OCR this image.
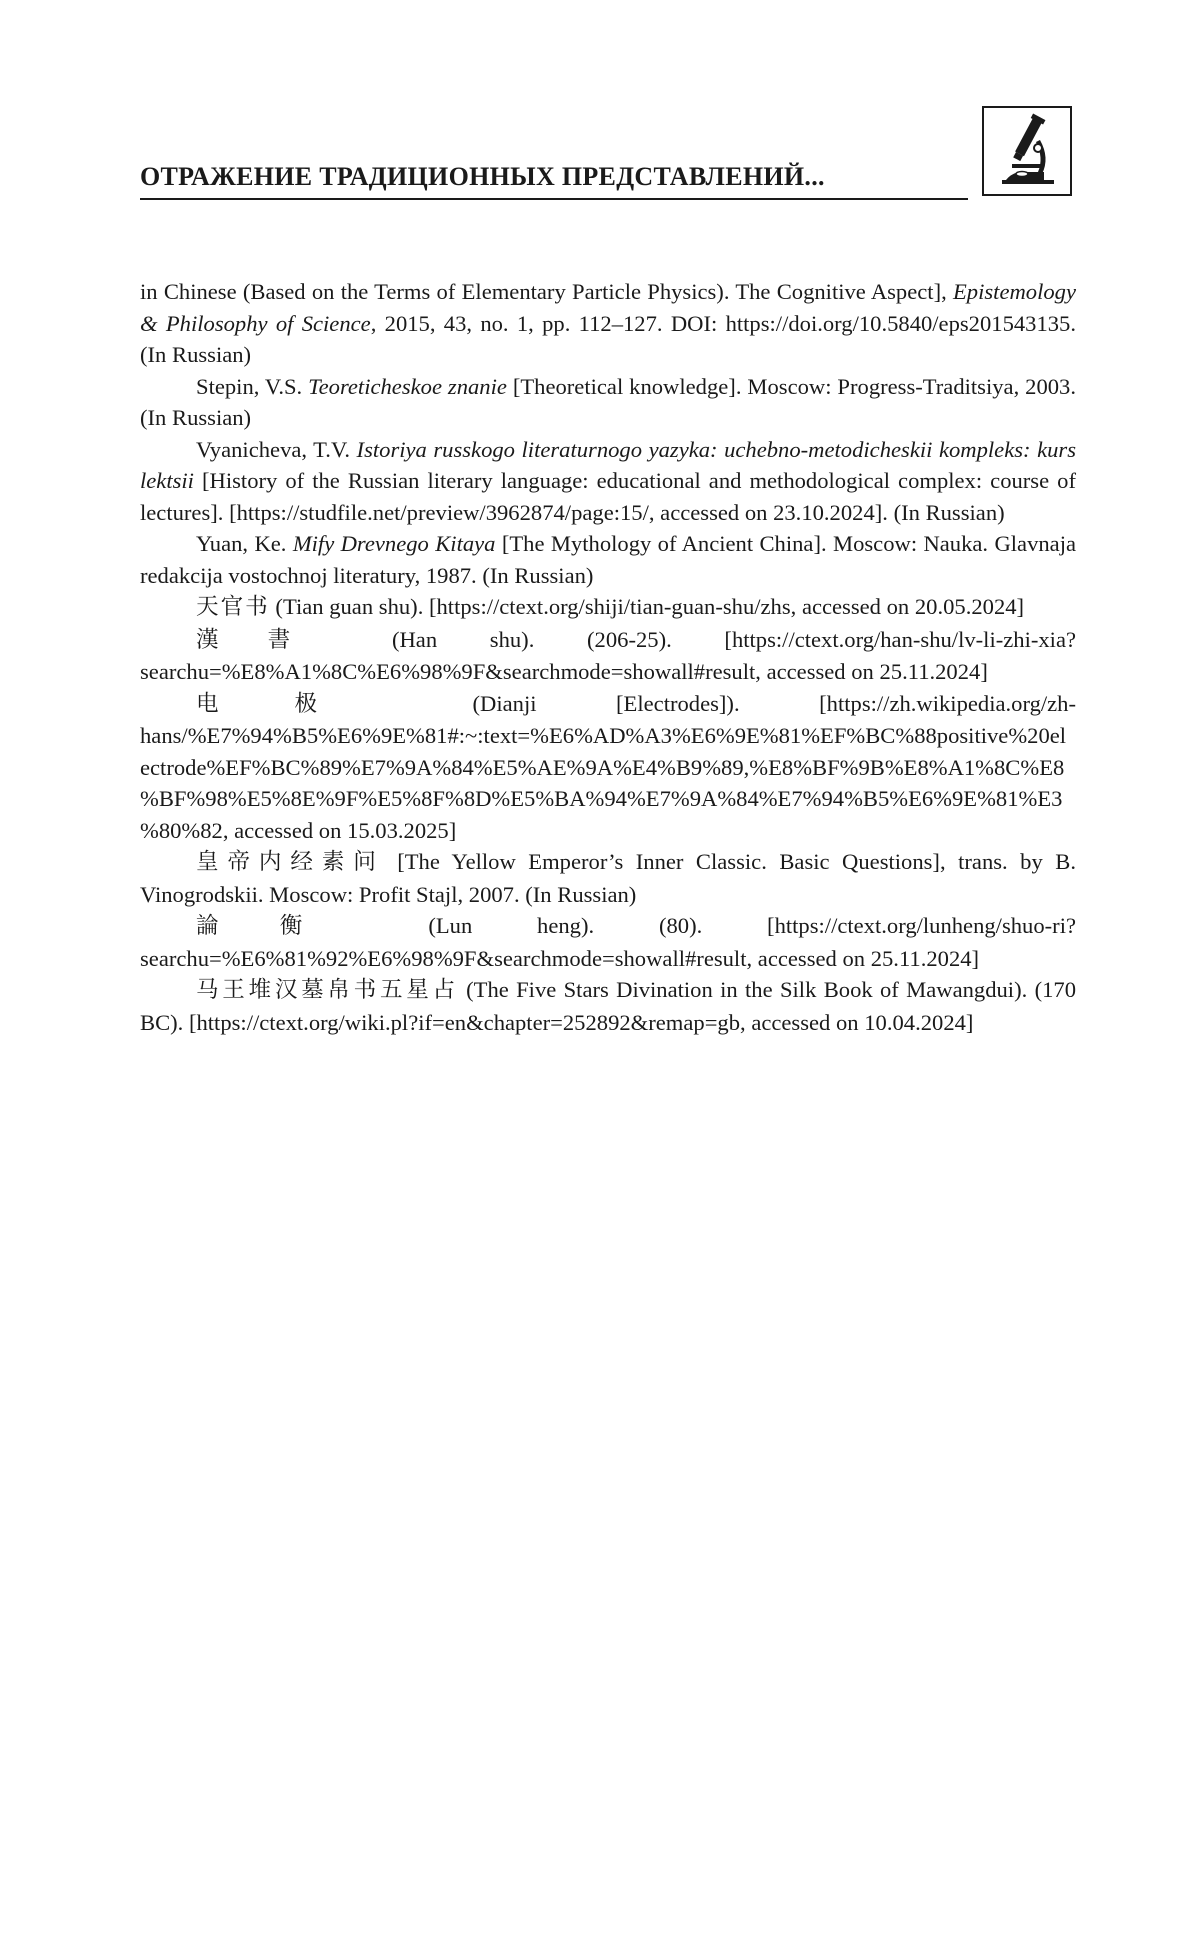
ОТРАЖЕНИЕ ТРАДИЦИОННЫХ ПРЕДСТАВЛЕНИЙ...

in Chinese (Based on the Terms of Elementary Particle Physics). The Cognitive Aspect], Epistemology & Philosophy of Science, 2015, 43, no. 1, pp. 112–127. DOI: https://doi.org/10.5840/eps201543135. (In Russian)

Stepin, V.S. Teoreticheskoe znanie [Theoretical knowledge]. Moscow: Progress-Traditsiya, 2003. (In Russian)

Vyanicheva, T.V. Istoriya russkogo literaturnogo yazyka: uchebno-metodicheskii kompleks: kurs lektsii [History of the Russian literary language: educational and methodological complex: course of lectures]. [https://studfile.net/preview/3962874/page:15/, accessed on 23.10.2024]. (In Russian)

Yuan, Ke. Mify Drevnego Kitaya [The Mythology of Ancient China]. Moscow: Nauka. Glavnaja redakcija vostochnoj literatury, 1987. (In Russian)

天官书 (Tian guan shu). [https://ctext.org/shiji/tian-guan-shu/zhs, accessed on 20.05.2024]

漢書 (Han shu). (206-25). [https://ctext.org/han-shu/lv-li-zhi-xia?searchu=%E8%A1%8C%E6%98%9F&searchmode=showall#result, accessed on 25.11.2024]

电极 (Dianji [Electrodes]). [https://zh.wikipedia.org/zh-hans/%E7%94%B5%E6%9E%81#:~:text=%E6%AD%A3%E6%9E%81%EF%BC%88positive%20electrode%EF%BC%89%E7%9A%84%E5%AE%9A%E4%B9%89,%E8%BF%9B%E8%A1%8C%E8%BF%98%E5%8E%9F%E5%8F%8D%E5%BA%94%E7%9A%84%E7%94%B5%E6%9E%81%E3%80%82, accessed on 15.03.2025]

皇帝内经素问 [The Yellow Emperor’s Inner Classic. Basic Questions], trans. by B. Vinogrodskii. Moscow: Profit Stajl, 2007. (In Russian)

論衡 (Lun heng). (80). [https://ctext.org/lunheng/shuo-ri?searchu=%E6%81%92%E6%98%9F&searchmode=showall#result, accessed on 25.11.2024]

马王堆汉墓帛书五星占 (The Five Stars Divination in the Silk Book of Mawangdui). (170 BC). [https://ctext.org/wiki.pl?if=en&chapter=252892&remap=gb, accessed on 10.04.2024]
